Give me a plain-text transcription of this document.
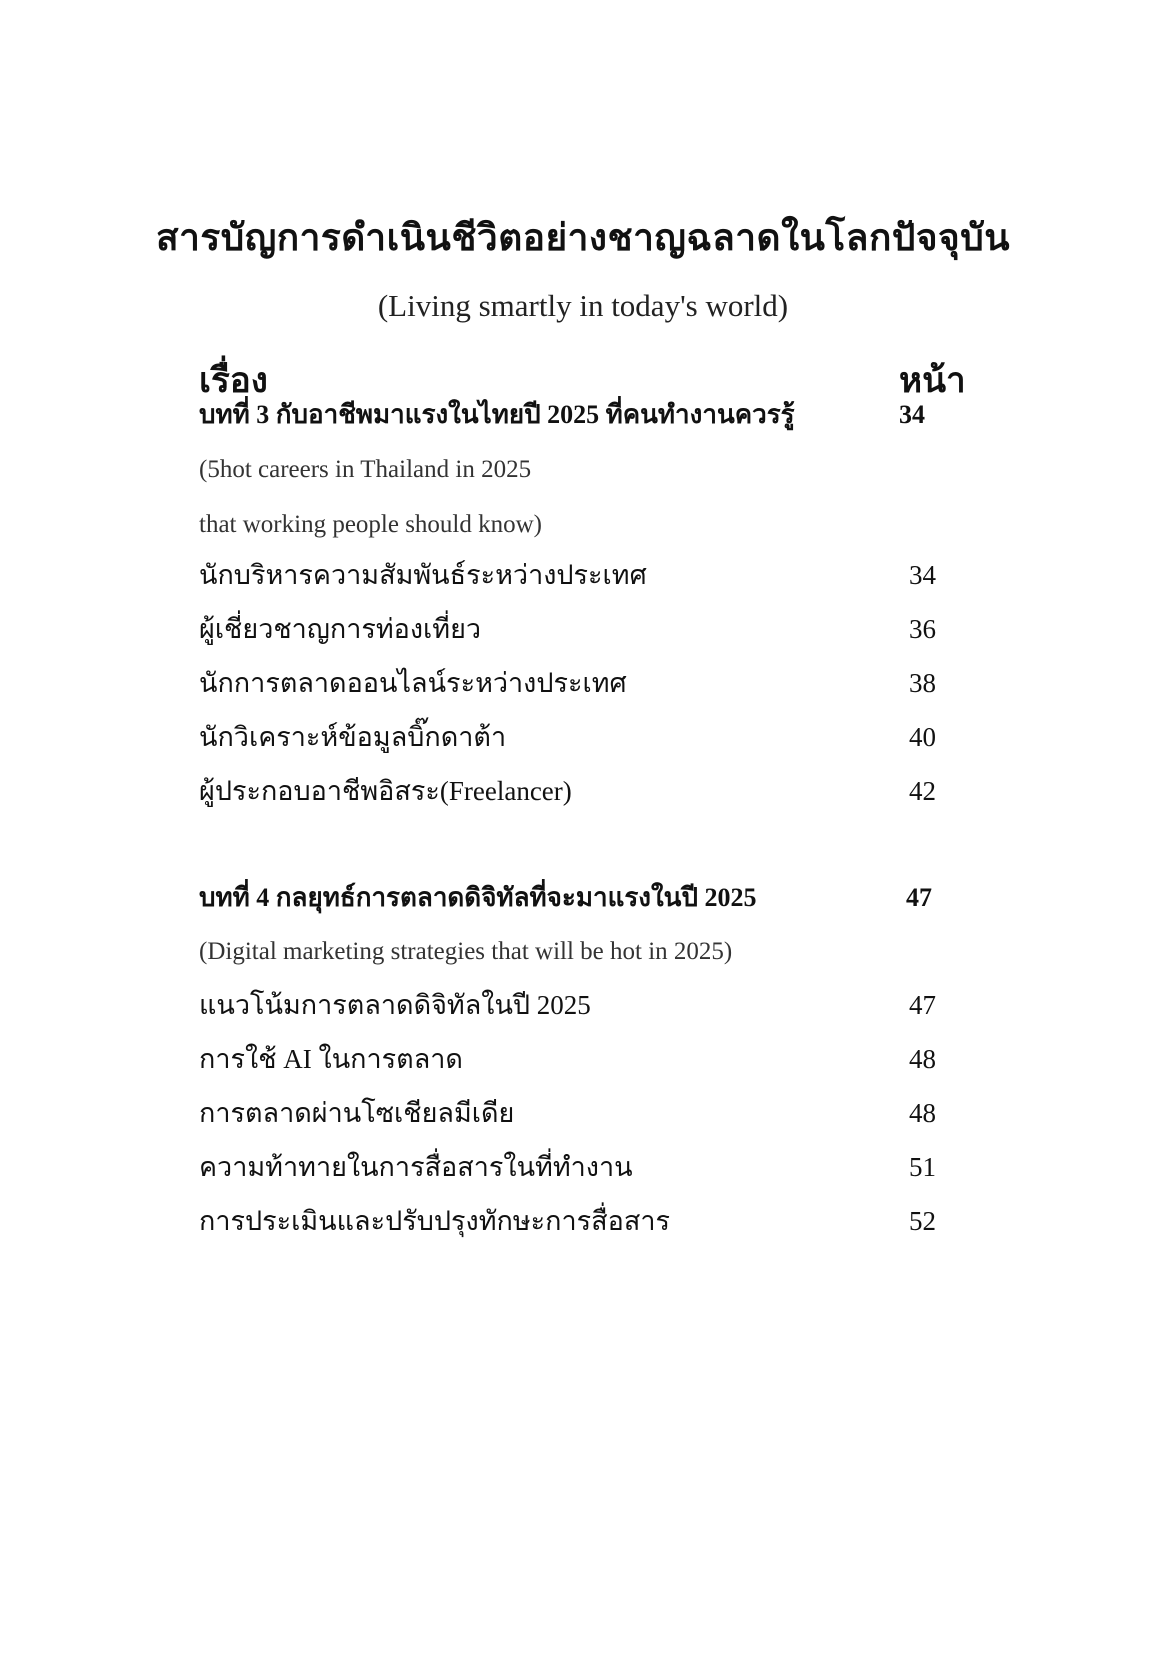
สารบัญการดำเนินชีวิตอย่างชาญฉลาดในโลกปัจจุบัน
(Living smartly in today's world)
เรื่อง	หน้า
บทที่ 3 กับอาชีพมาแรงในไทยปี 2025 ที่คนทำงานควรรู้	34
(5hot careers in Thailand in 2025
that working people should know)
นักบริหารความสัมพันธ์ระหว่างประเทศ	34
ผู้เชี่ยวชาญการท่องเที่ยว	36
นักการตลาดออนไลน์ระหว่างประเทศ	38
นักวิเคราะห์ข้อมูลบิ๊กดาต้า	40
ผู้ประกอบอาชีพอิสระ(Freelancer)	42
บทที่ 4 กลยุทธ์การตลาดดิจิทัลที่จะมาแรงในปี 2025	47
(Digital marketing strategies that will be hot in 2025)
แนวโน้มการตลาดดิจิทัลในปี 2025	47
การใช้ AI ในการตลาด	48
การตลาดผ่านโซเชียลมีเดีย	48
ความท้าทายในการสื่อสารในที่ทำงาน	51
การประเมินและปรับปรุงทักษะการสื่อสาร	52
